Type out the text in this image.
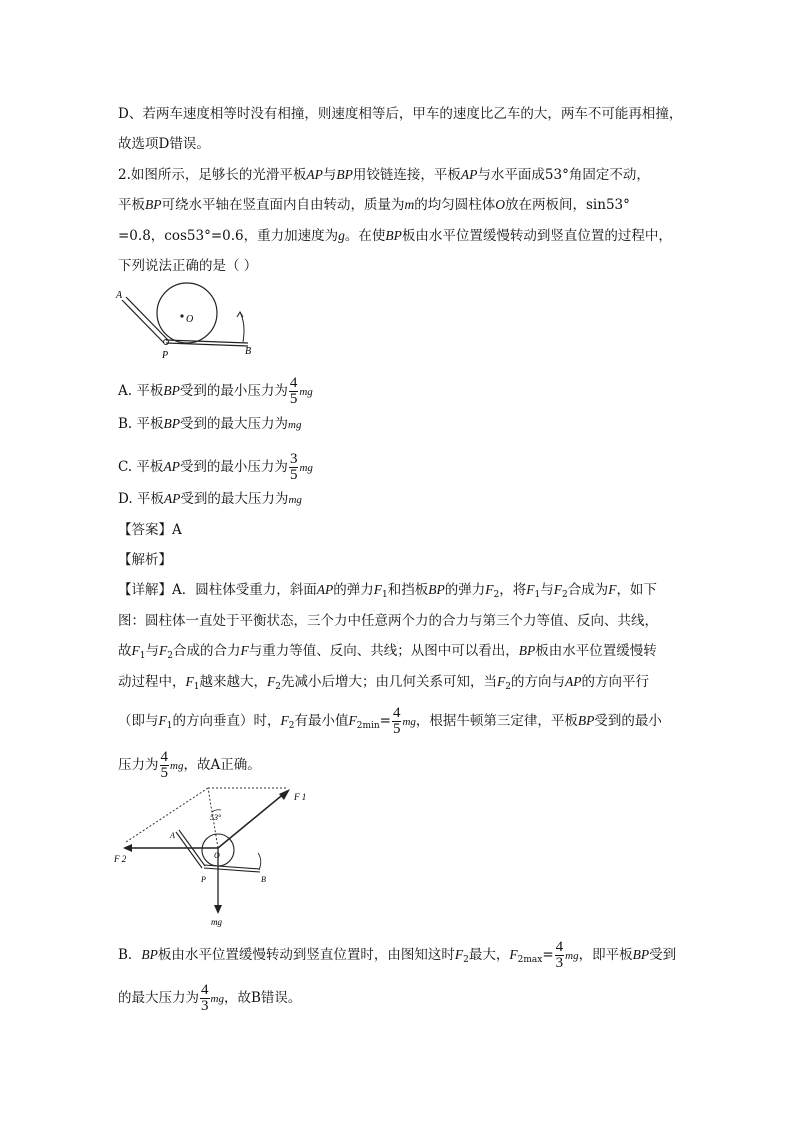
D、若两车速度相等时没有相撞，则速度相等后，甲车的速度比乙车的大，两车不可能再相撞，
故选项D错误。
2.如图所示，足够长的光滑平板AP与BP用铰链连接，平板AP与水平面成53°角固定不动，
平板BP可绕水平轴在竖直面内自由转动，质量为m的均匀圆柱体O放在两板间，sin53°
=0.8，cos53°=0.6，重力加速度为g。在使BP板由水平位置缓慢转动到竖直位置的过程中，
下列说法正确的是（ ）
A
O
P	B
A. 平板BP受到的最小压力为 $\frac{4}{5}$ mg
B. 平板BP受到的最大压力为mg
C. 平板AP受到的最小压力为 $\frac{3}{5}$ mg
D. 平板AP受到的最大压力为mg
【答案】A
【解析】
【详解】A．圆柱体受重力，斜面AP的弹力$F_1$和挡板BP的弹力$F_2$，将$F_1$与$F_2$合成为F，如下
图：圆柱体一直处于平衡状态，三个力中任意两个力的合力与第三个力等值、反向、共线，
故$F_1$与$F_2$合成的合力F与重力等值、反向、共线；从图中可以看出，BP板由水平位置缓慢转
动过程中，$F_1$越来越大，$F_2$先减小后增大；由几何关系可知，当$F_2$的方向与AP的方向平行
（即与$F_1$的方向垂直）时，$F_2$有最小值$F_{2min}= \frac{4}{5}$ mg，根据牛顿第三定律，平板BP受到的最小
压力为 $\frac{4}{5}$ mg，故A正确。
F 1
F 2
53°
A
O
P	B
mg
B．BP板由水平位置缓慢转动到竖直位置时，由图知这时$F_2$最大，$F_{2max}= \frac{4}{3}$ mg，即平板BP受到
的最大压力为 $\frac{4}{3}$ mg，故B错误。
